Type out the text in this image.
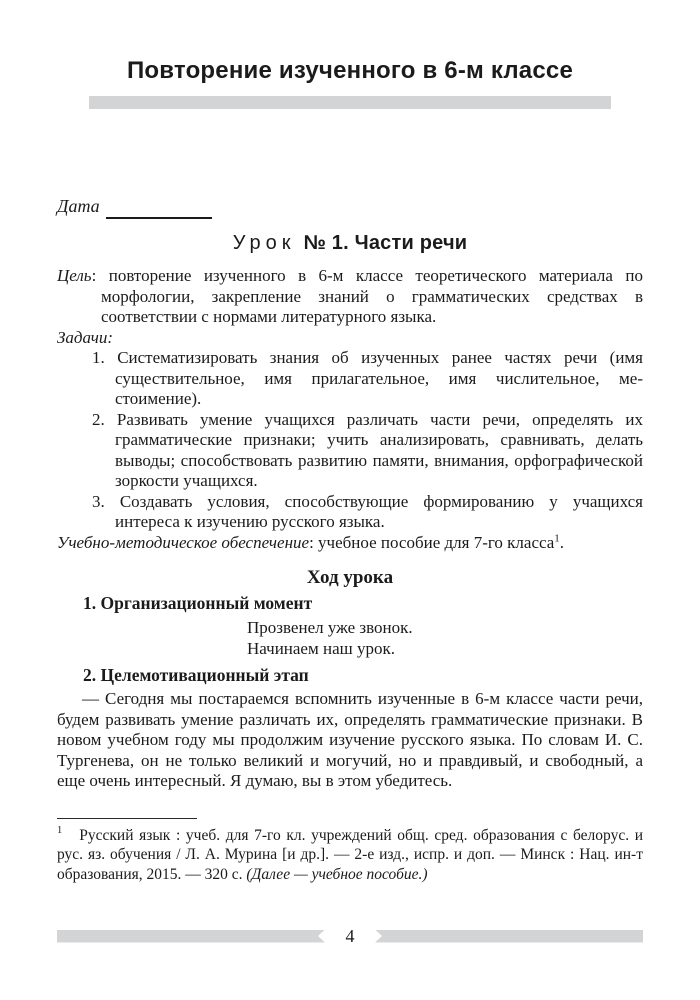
Повторение изученного в 6-м классе
Дата
Урок № 1. Части речи

Цель: повторение изученного в 6-м классе теоретического материала по морфологии, закрепление знаний о грамматических средствах в соответствии с нормами литературного языка.

Задачи:

1. Систематизировать знания об изученных ранее частях речи (имя существительное, имя прилагательное, имя числительное, местоимение).

2. Развивать умение учащихся различать части речи, определять их грамматические признаки; учить анализировать, сравнивать, делать выводы; способствовать развитию памяти, внимания, орфографической зоркости учащихся.

3. Создавать условия, способствующие формированию у учащихся интереса к изучению русского языка.

Учебно-методическое обеспечение: учебное пособие для 7-го класса$^1$.

Ход урока

1. Организационный момент

Прозвенел уже звонок.
Начинаем наш урок.

2. Целемотивационный этап

— Сегодня мы постараемся вспомнить изученные в 6-м классе части речи, будем развивать умение различать их, определять грамматические признаки. В новом учебном году мы продолжим изучение русского языка. По словам И. С. Тургенева, он не только великий и могучий, но и правдивый, и свободный, а еще очень интересный. Я думаю, вы в этом убедитесь.

$^1$ Русский язык : учеб. для 7-го кл. учреждений общ. сред. образования с белорус. и рус. яз. обучения / Л. А. Мурина [и др.]. — 2-е изд., испр. и доп. — Минск : Нац. ин-т образования, 2015. — 320 с. (Далее — учебное пособие.)

4
